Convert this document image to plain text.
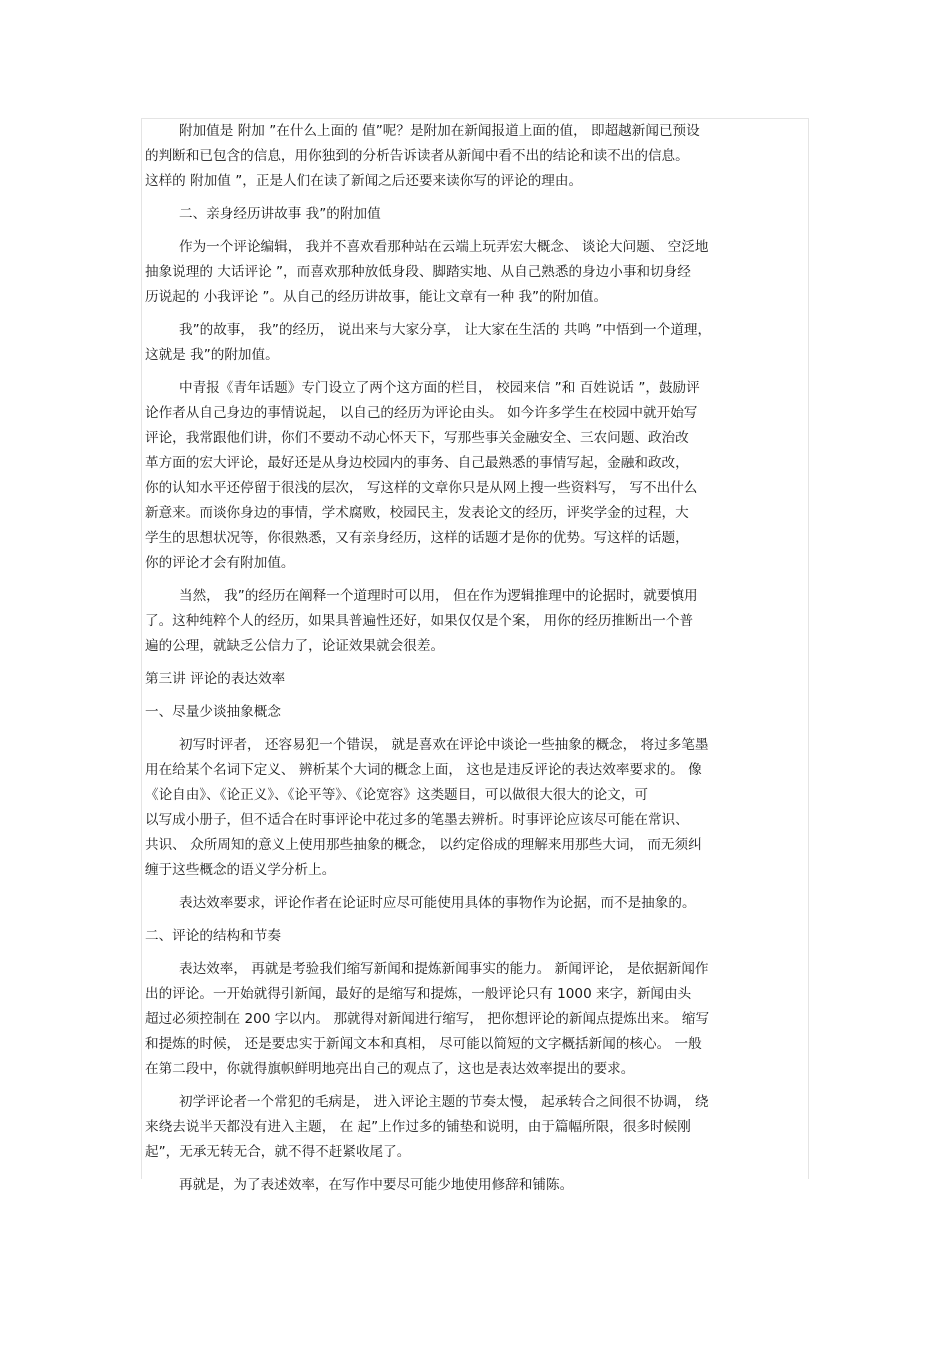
附加值是 附加 ”在什么上面的 值”呢？是附加在新闻报道上面的值， 即超越新闻已预设
的判断和已包含的信息，用你独到的分析告诉读者从新闻中看不出的结论和读不出的信息。
这样的 附加值 ”，正是人们在读了新闻之后还要来读你写的评论的理由。
二、亲身经历讲故事 我”的附加值
作为一个评论编辑， 我并不喜欢看那种站在云端上玩弄宏大概念、 谈论大问题、 空泛地
抽象说理的 大话评论 ”，而喜欢那种放低身段、脚踏实地、从自己熟悉的身边小事和切身经
历说起的 小我评论 ”。从自己的经历讲故事，能让文章有一种 我”的附加值。
我”的故事， 我”的经历， 说出来与大家分享， 让大家在生活的 共鸣 ”中悟到一个道理，
这就是 我”的附加值。
中青报《青年话题》专门设立了两个这方面的栏目， 校园来信 ”和 百姓说话 ”，鼓励评
论作者从自己身边的事情说起， 以自己的经历为评论由头。 如今许多学生在校园中就开始写
评论，我常跟他们讲，你们不要动不动心怀天下，写那些事关金融安全、三农问题、政治改
革方面的宏大评论，最好还是从身边校园内的事务、自己最熟悉的事情写起，金融和政改，
你的认知水平还停留于很浅的层次， 写这样的文章你只是从网上搜一些资料写， 写不出什么
新意来。而谈你身边的事情，学术腐败，校园民主，发表论文的经历，评奖学金的过程，大
学生的思想状况等，你很熟悉，又有亲身经历，这样的话题才是你的优势。写这样的话题，
你的评论才会有附加值。
当然， 我”的经历在阐释一个道理时可以用， 但在作为逻辑推理中的论据时，就要慎用
了。这种纯粹个人的经历，如果具普遍性还好，如果仅仅是个案， 用你的经历推断出一个普
遍的公理，就缺乏公信力了，论证效果就会很差。
第三讲 评论的表达效率
一、尽量少谈抽象概念
初写时评者， 还容易犯一个错误， 就是喜欢在评论中谈论一些抽象的概念， 将过多笔墨
用在给某个名词下定义、 辨析某个大词的概念上面， 这也是违反评论的表达效率要求的。 像
《论自由》、《论正义》、《论平等》、《论宽容》这类题目，可以做很大很大的论文，可
以写成小册子，但不适合在时事评论中花过多的笔墨去辨析。时事评论应该尽可能在常识、
共识、 众所周知的意义上使用那些抽象的概念， 以约定俗成的理解来用那些大词， 而无须纠
缠于这些概念的语义学分析上。
表达效率要求，评论作者在论证时应尽可能使用具体的事物作为论据，而不是抽象的。
二、评论的结构和节奏
表达效率， 再就是考验我们缩写新闻和提炼新闻事实的能力。 新闻评论， 是依据新闻作
出的评论。一开始就得引新闻，最好的是缩写和提炼，一般评论只有 1000 来字，新闻由头
超过必须控制在 200 字以内。 那就得对新闻进行缩写， 把你想评论的新闻点提炼出来。 缩写
和提炼的时候， 还是要忠实于新闻文本和真相， 尽可能以简短的文字概括新闻的核心。 一般
在第二段中，你就得旗帜鲜明地亮出自己的观点了，这也是表达效率提出的要求。
初学评论者一个常犯的毛病是， 进入评论主题的节奏太慢， 起承转合之间很不协调， 绕
来绕去说半天都没有进入主题， 在 起”上作过多的铺垫和说明，由于篇幅所限，很多时候刚
起”，无承无转无合，就不得不赶紧收尾了。
再就是，为了表述效率，在写作中要尽可能少地使用修辞和铺陈。
